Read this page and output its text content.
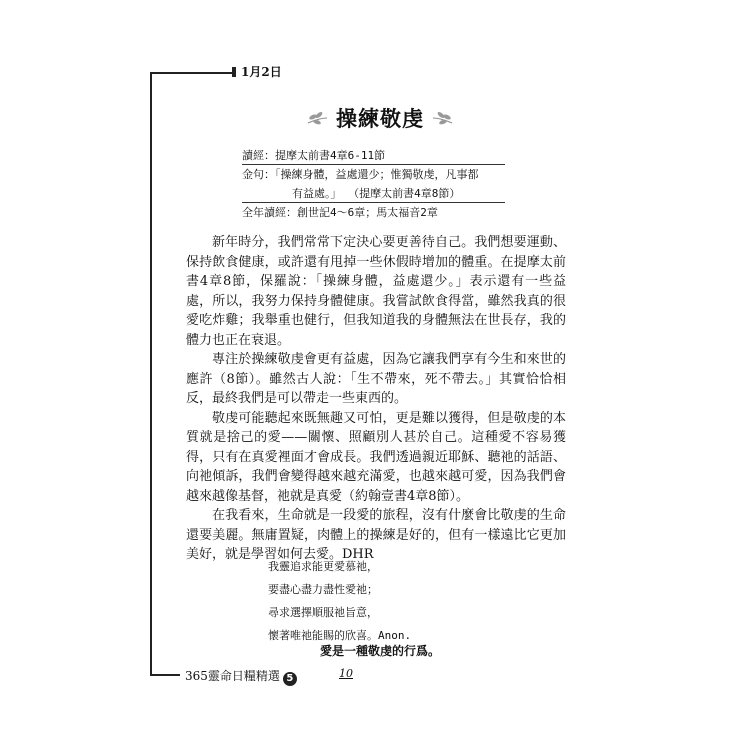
1月2日
操練敬虔
讀經：提摩太前書4章6-11節
金句：「操練身體，益處還少；惟獨敬虔，凡事都
有益處。」 （提摩太前書4章8節）
全年讀經：創世記4～6章；馬太福音2章

新年時分，我們常常下定決心要更善待自己。我們想要運動、保持飲食健康，或許還有甩掉一些休假時增加的體重。在提摩太前書4章8節，保羅說：「操練身體，益處還少。」表示還有一些益處，所以，我努力保持身體健康。我嘗試飲食得當，雖然我真的很愛吃炸雞；我舉重也健行，但我知道我的身體無法在世長存，我的體力也正在衰退。

專注於操練敬虔會更有益處，因為它讓我們享有今生和來世的應許（8節）。雖然古人說：「生不帶來，死不帶去。」其實恰恰相反，最終我們是可以帶走一些東西的。

敬虔可能聽起來既無趣又可怕，更是難以獲得，但是敬虔的本質就是捨己的愛——關懷、照顧別人甚於自己。這種愛不容易獲得，只有在真愛裡面才會成長。我們透過親近耶穌、聽祂的話語、向祂傾訴，我們會變得越來越充滿愛，也越來越可愛，因為我們會越來越像基督，祂就是真愛（約翰壹書4章8節）。

在我看來，生命就是一段愛的旅程，沒有什麼會比敬虔的生命還要美麗。無庸置疑，肉體上的操練是好的，但有一樣遠比它更加美好，就是學習如何去愛。DHR

我靈追求能更愛慕祂，
要盡心盡力盡性愛祂；
尋求選擇順服祂旨意，
懷著唯祂能賜的欣喜。Anon.
愛是一種敬虔的行爲。
365靈命日糧精選 5	10
